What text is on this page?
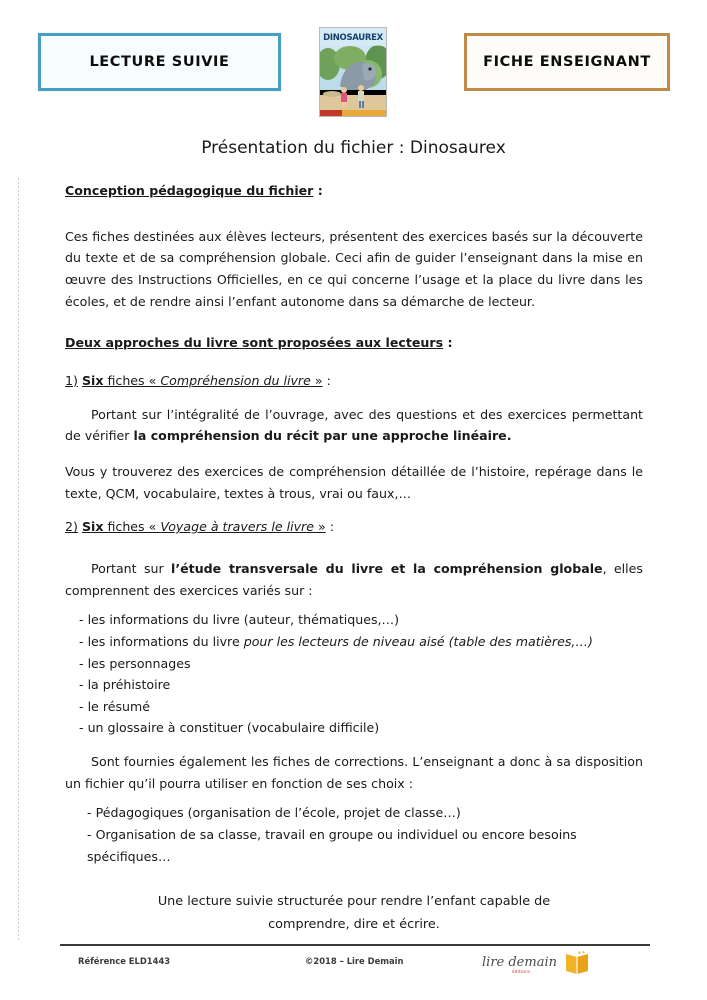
LECTURE SUIVIE
DINOSAUREX
FICHE ENSEIGNANT
Présentation du fichier : Dinosaurex

Conception pédagogique du fichier :

Ces fiches destinées aux élèves lecteurs, présentent des exercices basés sur la découverte du texte et de sa compréhension globale. Ceci afin de guider l’enseignant dans la mise en œuvre des Instructions Officielles, en ce qui concerne l’usage et la place du livre dans les écoles, et de rendre ainsi l’enfant autonome dans sa démarche de lecteur.

Deux approches du livre sont proposées aux lecteurs :

1) Six fiches « Compréhension du livre » :

Portant sur l’intégralité de l’ouvrage, avec des questions et des exercices permettant de vérifier la compréhension du récit par une approche linéaire.

Vous y trouverez des exercices de compréhension détaillée de l’histoire, repérage dans le texte, QCM, vocabulaire, textes à trous, vrai ou faux,…

2) Six fiches « Voyage à travers le livre » :

Portant sur l’étude transversale du livre et la compréhension globale, elles comprennent des exercices variés sur :

- les informations du livre (auteur, thématiques,…)
- les informations du livre pour les lecteurs de niveau aisé (table des matières,…)
- les personnages
- la préhistoire
- le résumé
- un glossaire à constituer (vocabulaire difficile)

Sont fournies également les fiches de corrections. L’enseignant a donc à sa disposition un fichier qu’il pourra utiliser en fonction de ses choix :

- Pédagogiques (organisation de l’école, projet de classe…)
- Organisation de sa classe, travail en groupe ou individuel ou encore besoins spécifiques…
Une lecture suivie structurée pour rendre l’enfant capable de
comprendre, dire et écrire.
Référence ELD1443	©2018 – Lire Demain	lire demain
éditions
